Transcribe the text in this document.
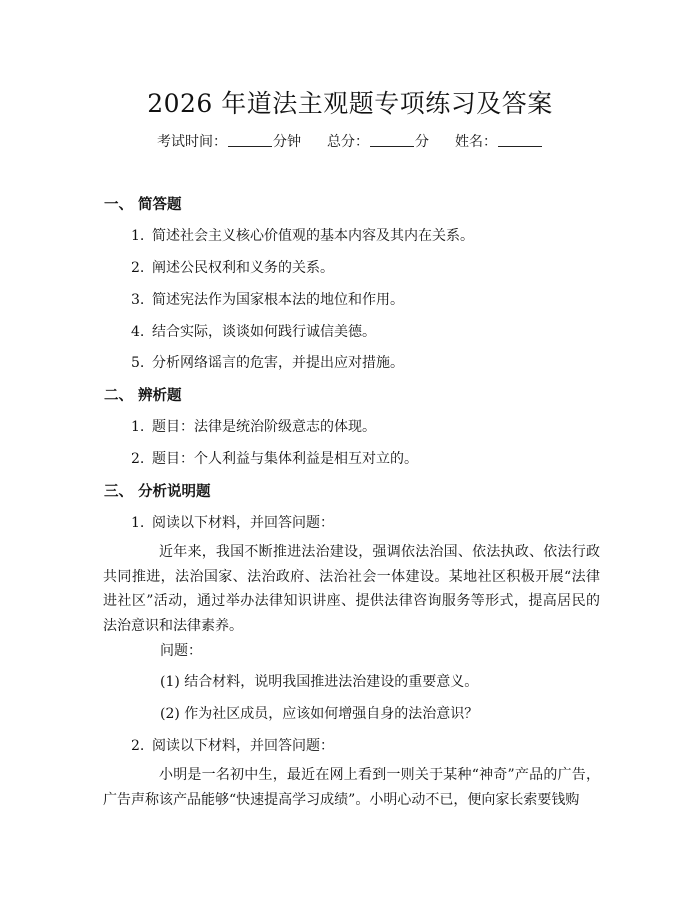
2026 年道法主观题专项练习及答案
考试时间：	分钟 总分：	分 姓名：
一、 简答题
1. 简述社会主义核心价值观的基本内容及其内在关系。
2. 阐述公民权利和义务的关系。
3. 简述宪法作为国家根本法的地位和作用。
4. 结合实际，谈谈如何践行诚信美德。
5. 分析网络谣言的危害，并提出应对措施。
二、 辨析题
1. 题目：法律是统治阶级意志的体现。
2. 题目：个人利益与集体利益是相互对立的。
三、 分析说明题
1. 阅读以下材料，并回答问题：
近年来，我国不断推进法治建设，强调依法治国、依法执政、依法行政共同推进，法治国家、法治政府、法治社会一体建设。某地社区积极开展“法律进社区”活动，通过举办法律知识讲座、提供法律咨询服务等形式，提高居民的法治意识和法律素养。
问题：
(1) 结合材料，说明我国推进法治建设的重要意义。
(2) 作为社区成员，应该如何增强自身的法治意识？
2. 阅读以下材料，并回答问题：
小明是一名初中生，最近在网上看到一则关于某种“神奇”产品的广告，广告声称该产品能够“快速提高学习成绩”。小明心动不已，便向家长索要钱购
